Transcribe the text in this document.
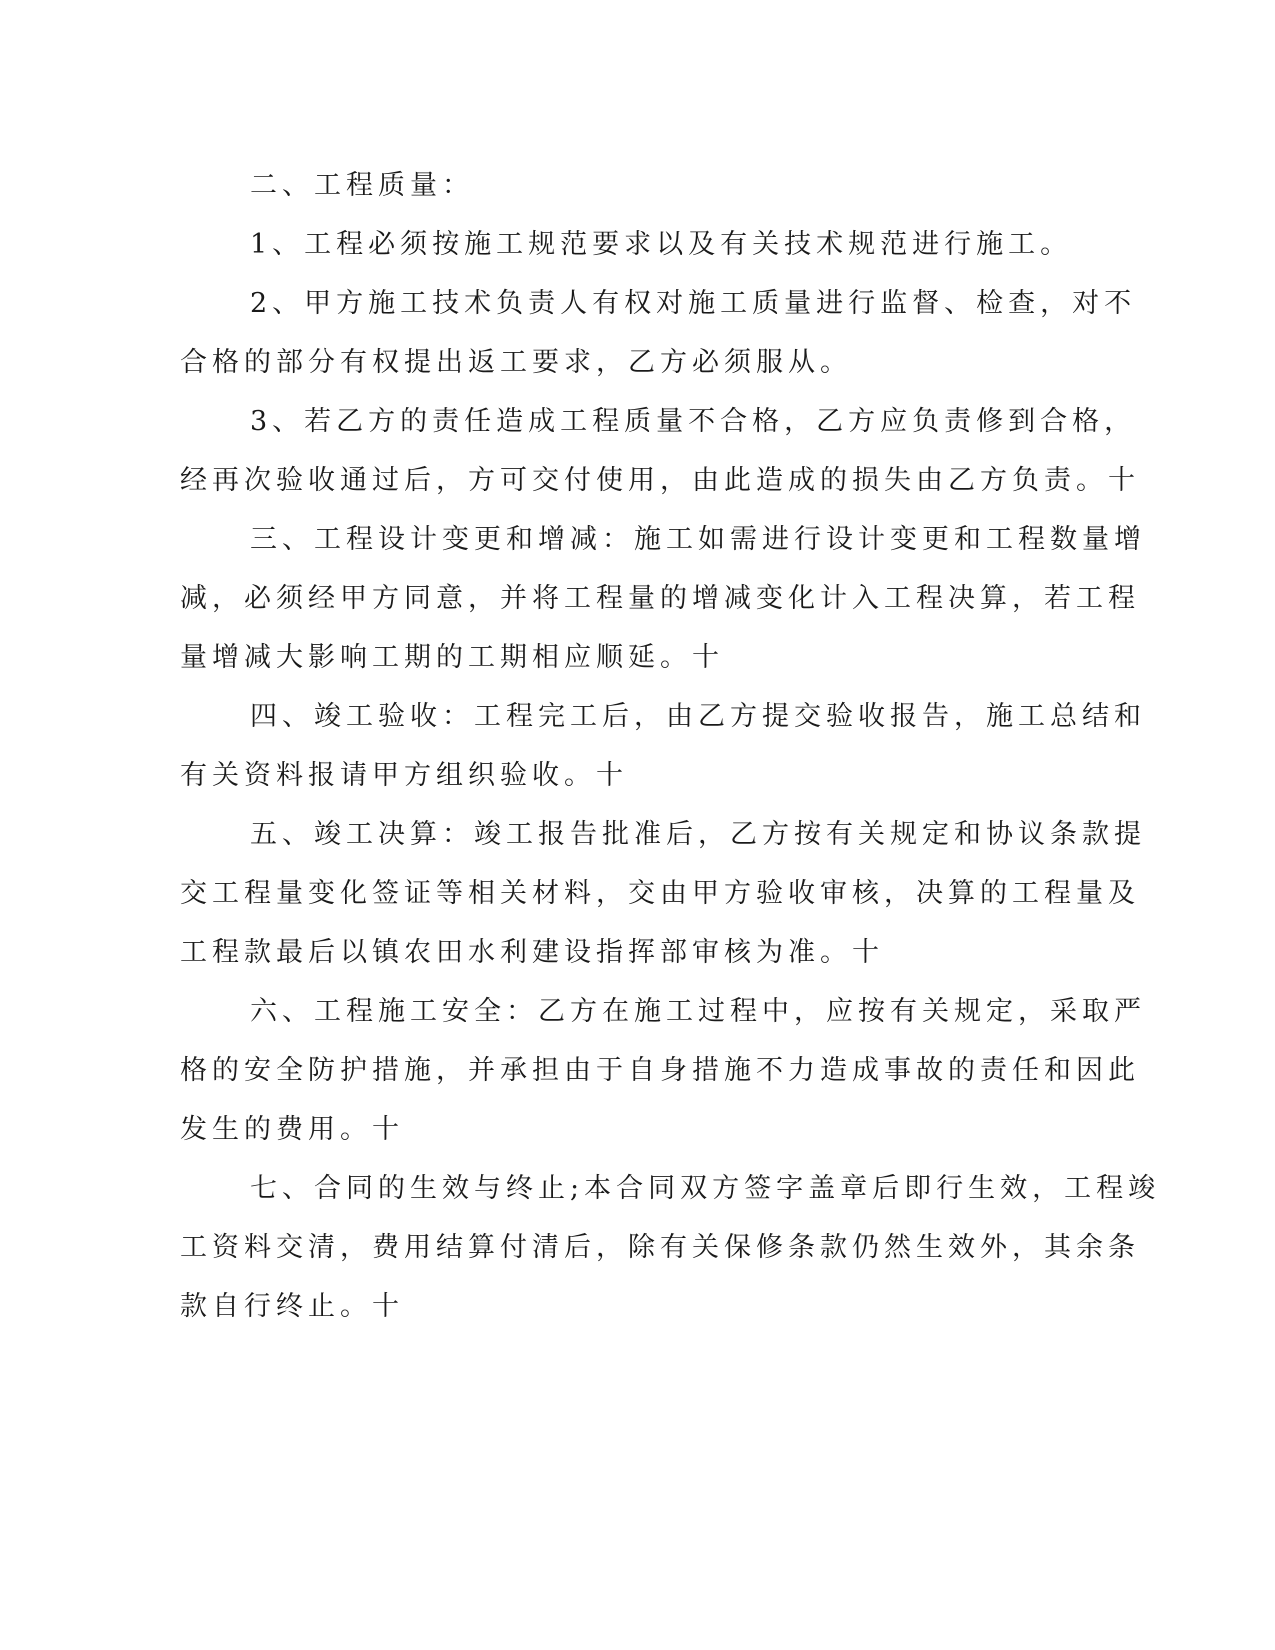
二、工程质量：
1、工程必须按施工规范要求以及有关技术规范进行施工。
2、甲方施工技术负责人有权对施工质量进行监督、检查，对不
合格的部分有权提出返工要求，乙方必须服从。
3、若乙方的责任造成工程质量不合格，乙方应负责修到合格，
经再次验收通过后，方可交付使用，由此造成的损失由乙方负责。十
三、工程设计变更和增减：施工如需进行设计变更和工程数量增
减，必须经甲方同意，并将工程量的增减变化计入工程决算，若工程
量增减大影响工期的工期相应顺延。十
四、竣工验收：工程完工后，由乙方提交验收报告，施工总结和
有关资料报请甲方组织验收。十
五、竣工决算：竣工报告批准后，乙方按有关规定和协议条款提
交工程量变化签证等相关材料，交由甲方验收审核，决算的工程量及
工程款最后以镇农田水利建设指挥部审核为准。十
六、工程施工安全：乙方在施工过程中，应按有关规定，采取严
格的安全防护措施，并承担由于自身措施不力造成事故的责任和因此
发生的费用。十
七、合同的生效与终止;本合同双方签字盖章后即行生效，工程竣
工资料交清，费用结算付清后，除有关保修条款仍然生效外，其余条
款自行终止。十
